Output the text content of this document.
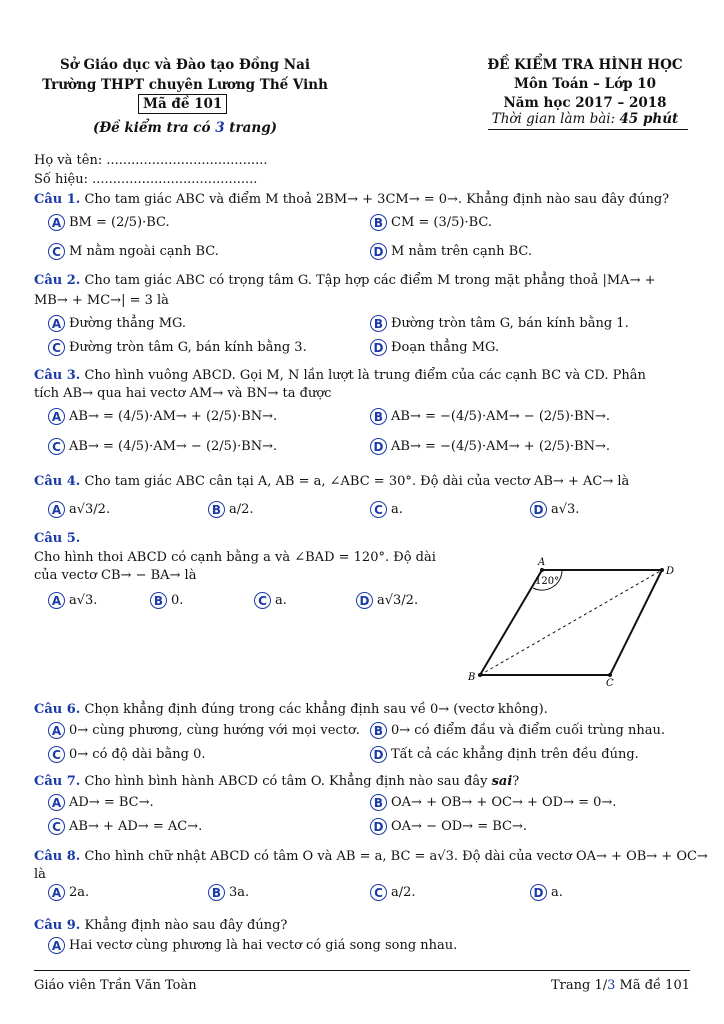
Sở Giáo dục và Đào tạo Đồng Nai
Trường THPT chuyên Lương Thế Vinh
Mã đề 101
(Đề kiểm tra có 3 trang)
ĐỀ KIỂM TRA HÌNH HỌC
Môn Toán – Lớp 10
Năm học 2017 – 2018
Thời gian làm bài: 45 phút
Họ và tên: .......................................
Số hiệu: ........................................
Câu 1. Cho tam giác ABC và điểm M thoả 2BM→ + 3CM→ = 0→. Khẳng định nào sau đây đúng?
A BM = (2/5)·BC.	B CM = (3/5)·BC.
C M nằm ngoài cạnh BC.	D M nằm trên cạnh BC.
Câu 2. Cho tam giác ABC có trọng tâm G. Tập hợp các điểm M trong mặt phẳng thoả |MA→ +
MB→ + MC→| = 3 là
A Đường thẳng MG.	B Đường tròn tâm G, bán kính bằng 1.
C Đường tròn tâm G, bán kính bằng 3.	D Đoạn thẳng MG.
Câu 3. Cho hình vuông ABCD. Gọi M, N lần lượt là trung điểm của các cạnh BC và CD. Phân
tích AB→ qua hai vectơ AM→ và BN→ ta được
A AB→ = (4/5)·AM→ + (2/5)·BN→.	B AB→ = −(4/5)·AM→ − (2/5)·BN→.
C AB→ = (4/5)·AM→ − (2/5)·BN→.	D AB→ = −(4/5)·AM→ + (2/5)·BN→.
Câu 4. Cho tam giác ABC cân tại A, AB = a, ∠ABC = 30°. Độ dài của vectơ AB→ + AC→ là
A a√3/2.	B a/2.	C a.	D a√3.
Câu 5.
Cho hình thoi ABCD có cạnh bằng a và ∠BAD = 120°. Độ dài
của vectơ CB→ − BA→ là
A a√3.	B 0.	C a.	D a√3/2.
A
D
C
B
120°
Câu 6. Chọn khẳng định đúng trong các khẳng định sau về 0→ (vectơ không).
A 0→ cùng phương, cùng hướng với mọi vectơ.	B 0→ có điểm đầu và điểm cuối trùng nhau.
C 0→ có độ dài bằng 0.	D Tất cả các khẳng định trên đều đúng.
Câu 7. Cho hình bình hành ABCD có tâm O. Khẳng định nào sau đây sai?
A AD→ = BC→.	B OA→ + OB→ + OC→ + OD→ = 0→.
C AB→ + AD→ = AC→.	D OA→ − OD→ = BC→.
Câu 8. Cho hình chữ nhật ABCD có tâm O và AB = a, BC = a√3. Độ dài của vectơ OA→ + OB→ + OC→
là
A 2a.	B 3a.	C a/2.	D a.
Câu 9. Khẳng định nào sau đây đúng?
A Hai vectơ cùng phương là hai vectơ có giá song song nhau.
Giáo viên Trần Văn Toàn	Trang 1/3 Mã đề 101
